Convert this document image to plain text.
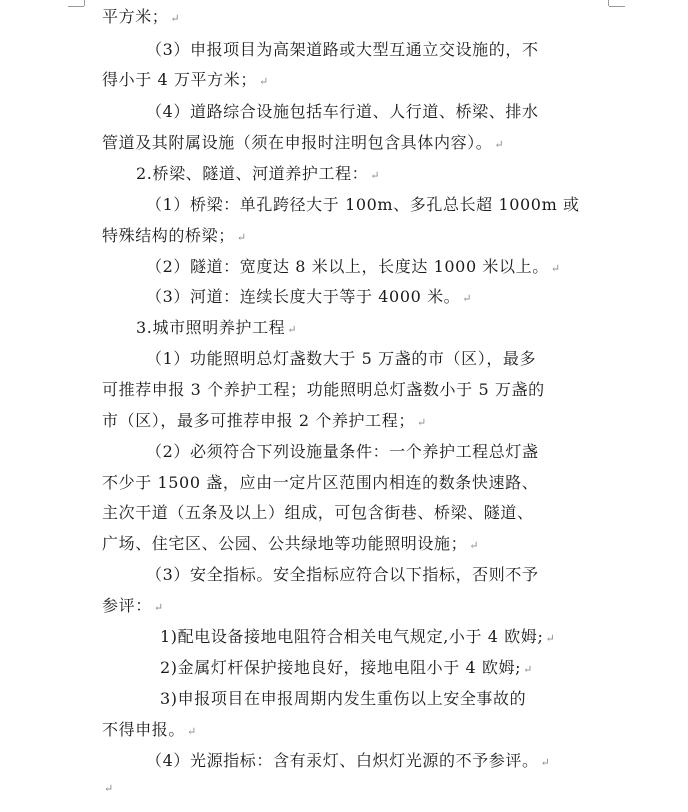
平方米； ↵
（3）申报项目为高架道路或大型互通立交设施的，不
得小于 4 万平方米； ↵
（4）道路综合设施包括车行道、人行道、桥梁、排水
管道及其附属设施（须在申报时注明包含具体内容）。 ↵
2.桥梁、隧道、河道养护工程： ↵
（1）桥梁：单孔跨径大于 100m、多孔总长超 1000m 或
特殊结构的桥梁； ↵
（2）隧道：宽度达 8 米以上，长度达 1000 米以上。 ↵
（3）河道：连续长度大于等于 4000 米。 ↵
3.城市照明养护工程 ↵
（1）功能照明总灯盏数大于 5 万盏的市（区），最多
可推荐申报 3 个养护工程；功能照明总灯盏数小于 5 万盏的
市（区），最多可推荐申报 2 个养护工程； ↵
（2）必须符合下列设施量条件：一个养护工程总灯盏
不少于 1500 盏，应由一定片区范围内相连的数条快速路、
主次干道（五条及以上）组成，可包含街巷、桥梁、隧道、
广场、住宅区、公园、公共绿地等功能照明设施； ↵
（3）安全指标。安全指标应符合以下指标，否则不予
参评： ↵
1)配电设备接地电阻符合相关电气规定,小于 4 欧姆; ↵
2)金属灯杆保护接地良好，接地电阻小于 4 欧姆; ↵
3)申报项目在申报周期内发生重伤以上安全事故的
不得申报。 ↵
（4）光源指标：含有汞灯、白炽灯光源的不予参评。 ↵
↵
